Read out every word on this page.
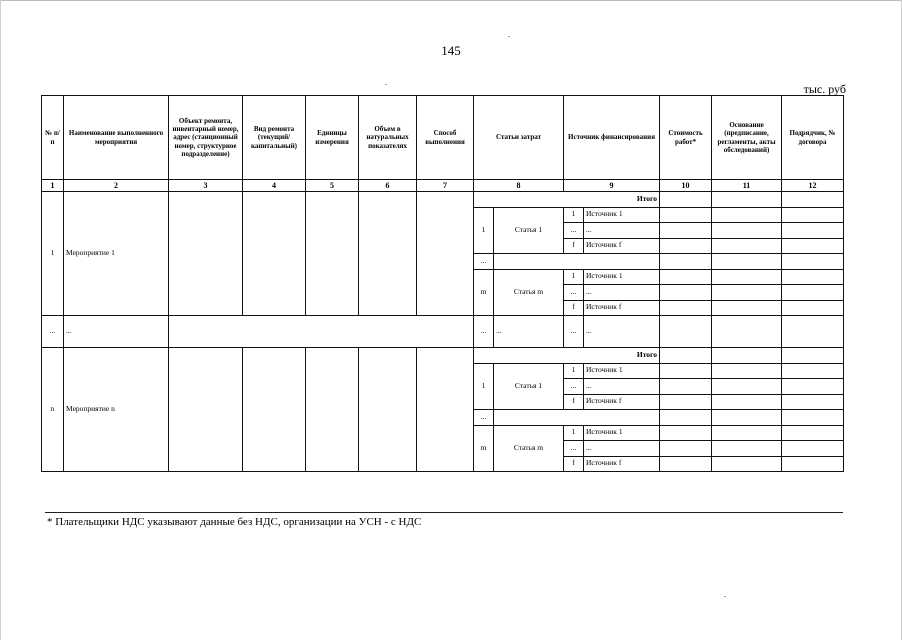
145
тыс. руб
№ п/п	Наименование выполненного мероприятия	Объект ремонта, инвентарный номер, адрес (станционный номер, структурное подразделение)	Вид ремонта (текущий/ капитальный)	Единицы измерения	Объем в натуральных показателях	Способ выполнения	Статьи затрат		Источник финансирования		Стоимость работ*	Основание (предписание, регламенты, акты обследований)	Подрядчик, № договора
1	2	3	4	5	6	7	8		9		10	11	12
1	Мероприятие 1						Итого						
							1	Статья 1	1	Источник 1			
									...	...			
									f	Источник f			
							...						
							m	Статья m	1	Источник 1			
									...	...			
									f	Источник f			
...	...						...	...	...	...			
n	Мероприятие n						Итого						
							1	Статья 1	1	Источник 1			
									...	...			
									f	Источник f			
							...						
							m	Статья m	1	Источник 1			
									...	...			
									f	Источник f			
* Плательщики НДС указывают данные без НДС, организации на УСН - с НДС
